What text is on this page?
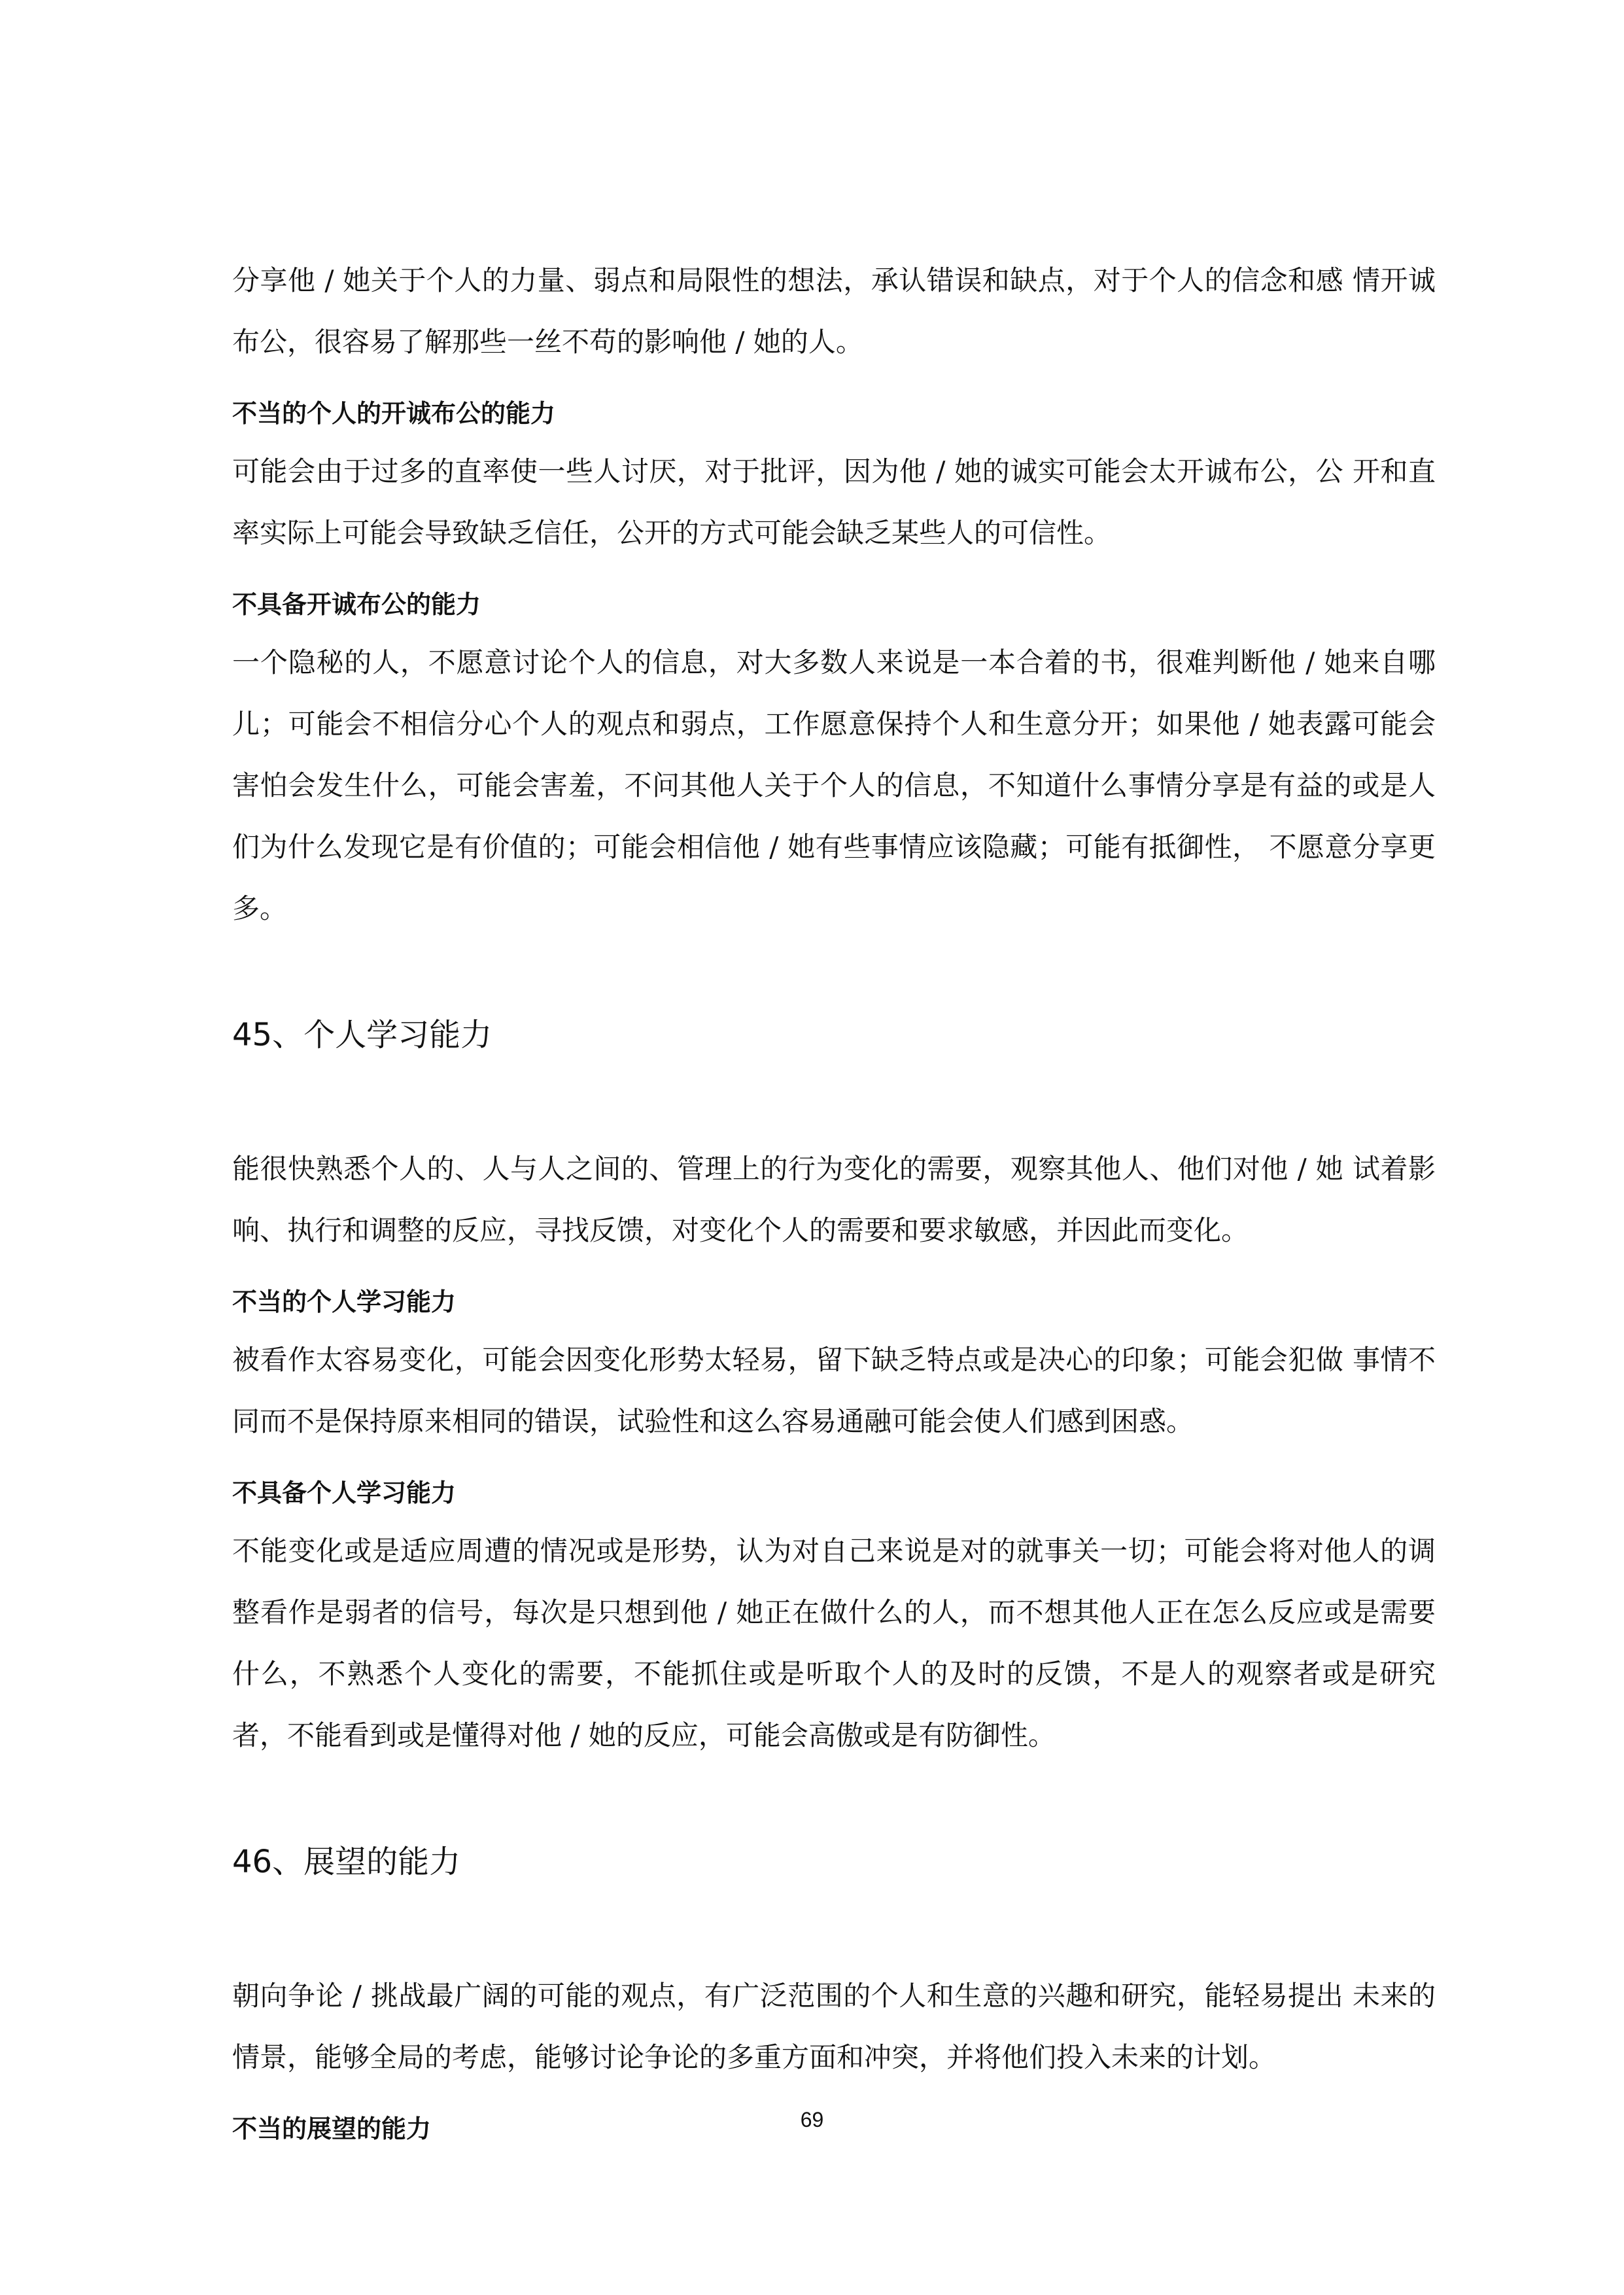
分享他 / 她关于个人的力量、弱点和局限性的想法，承认错误和缺点，对于个人的信念和感 情开诚布公，很容易了解那些一丝不苟的影响他 / 她的人。

不当的个人的开诚布公的能力

可能会由于过多的直率使一些人讨厌，对于批评，因为他 / 她的诚实可能会太开诚布公，公 开和直率实际上可能会导致缺乏信任，公开的方式可能会缺乏某些人的可信性。

不具备开诚布公的能力

一个隐秘的人，不愿意讨论个人的信息，对大多数人来说是一本合着的书，很难判断他 / 她来自哪儿；可能会不相信分心个人的观点和弱点，工作愿意保持个人和生意分开；如果他 / 她表露可能会害怕会发生什么，可能会害羞，不问其他人关于个人的信息，不知道什么事情分享是有益的或是人们为什么发现它是有价值的；可能会相信他 / 她有些事情应该隐藏；可能有抵御性， 不愿意分享更多。

45、个人学习能力

能很快熟悉个人的、人与人之间的、管理上的行为变化的需要，观察其他人、他们对他 / 她 试着影响、执行和调整的反应，寻找反馈，对变化个人的需要和要求敏感，并因此而变化。

不当的个人学习能力

被看作太容易变化，可能会因变化形势太轻易，留下缺乏特点或是决心的印象；可能会犯做 事情不同而不是保持原来相同的错误，试验性和这么容易通融可能会使人们感到困惑。

不具备个人学习能力

不能变化或是适应周遭的情况或是形势，认为对自己来说是对的就事关一切；可能会将对他人的调整看作是弱者的信号，每次是只想到他 / 她正在做什么的人，而不想其他人正在怎么反应或是需要什么，不熟悉个人变化的需要，不能抓住或是听取个人的及时的反馈，不是人的观察者或是研究者，不能看到或是懂得对他 / 她的反应，可能会高傲或是有防御性。

46、展望的能力

朝向争论 / 挑战最广阔的可能的观点，有广泛范围的个人和生意的兴趣和研究，能轻易提出 未来的情景，能够全局的考虑，能够讨论争论的多重方面和冲突，并将他们投入未来的计划。

不当的展望的能力	69
